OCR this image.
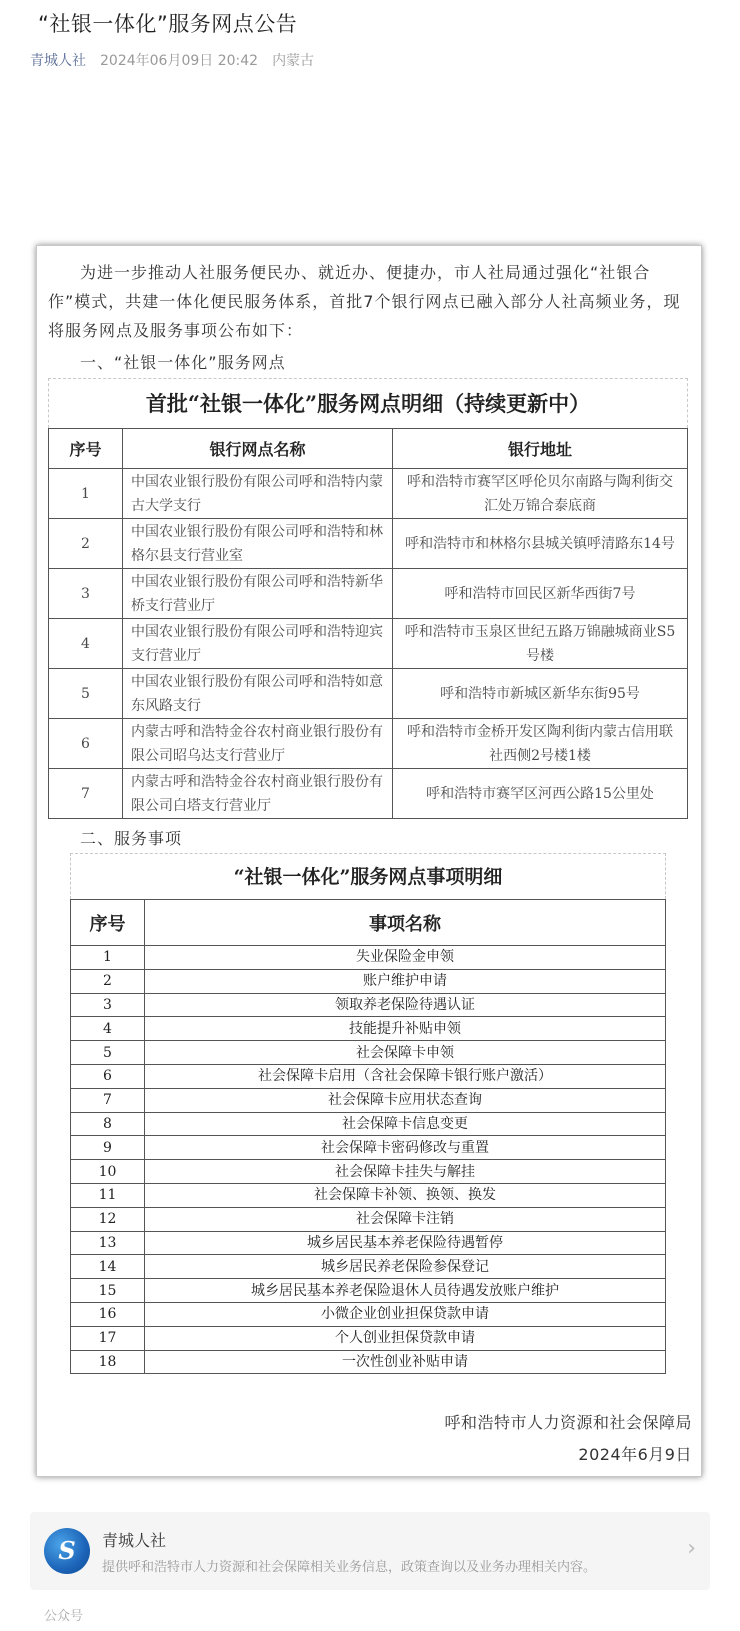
“社银一体化”服务网点公告
青城人社 2024年06月09日 20:42 内蒙古

为进一步推动人社服务便民办、就近办、便捷办，市人社局通过强化“社银合作”模式，共建一体化便民服务体系，首批7个银行网点已融入部分人社高频业务，现将服务网点及服务事项公布如下：

一、“社银一体化”服务网点
首批“社银一体化”服务网点明细（持续更新中）
序号	银行网点名称	银行地址
1	中国农业银行股份有限公司呼和浩特内蒙古大学支行	呼和浩特市赛罕区呼伦贝尔南路与陶利街交汇处万锦合泰底商
2	中国农业银行股份有限公司呼和浩特和林格尔县支行营业室	呼和浩特市和林格尔县城关镇呼清路东14号
3	中国农业银行股份有限公司呼和浩特新华桥支行营业厅	呼和浩特市回民区新华西街7号
4	中国农业银行股份有限公司呼和浩特迎宾支行营业厅	呼和浩特市玉泉区世纪五路万锦融城商业S5号楼
5	中国农业银行股份有限公司呼和浩特如意东风路支行	呼和浩特市新城区新华东街95号
6	内蒙古呼和浩特金谷农村商业银行股份有限公司昭乌达支行营业厅	呼和浩特市金桥开发区陶利街内蒙古信用联社西侧2号楼1楼
7	内蒙古呼和浩特金谷农村商业银行股份有限公司白塔支行营业厅	呼和浩特市赛罕区河西公路15公里处
二、服务事项
“社银一体化”服务网点事项明细
序号	事项名称
1	失业保险金申领
2	账户维护申请
3	领取养老保险待遇认证
4	技能提升补贴申领
5	社会保障卡申领
6	社会保障卡启用（含社会保障卡银行账户激活）
7	社会保障卡应用状态查询
8	社会保障卡信息变更
9	社会保障卡密码修改与重置
10	社会保障卡挂失与解挂
11	社会保障卡补领、换领、换发
12	社会保障卡注销
13	城乡居民基本养老保险待遇暂停
14	城乡居民养老保险参保登记
15	城乡居民基本养老保险退休人员待遇发放账户维护
16	小微企业创业担保贷款申请
17	个人创业担保贷款申请
18	一次性创业补贴申请
呼和浩特市人力资源和社会保障局
2024年6月9日
S
青城人社
提供呼和浩特市人力资源和社会保障相关业务信息，政策查询以及业务办理相关内容。
›
公众号
